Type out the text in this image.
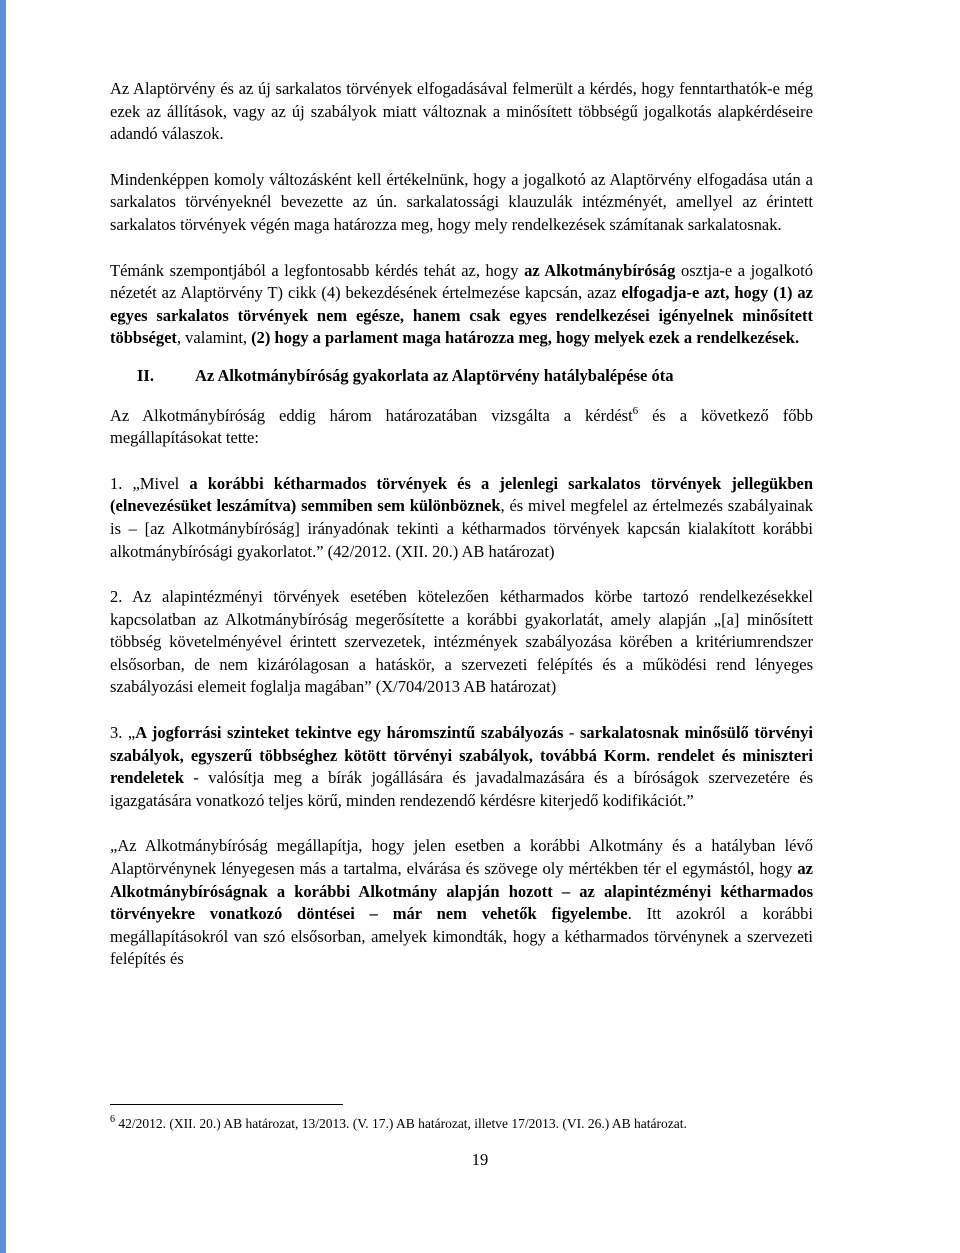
Az Alaptörvény és az új sarkalatos törvények elfogadásával felmerült a kérdés, hogy fenntarthatók-e még ezek az állítások, vagy az új szabályok miatt változnak a minősített többségű jogalkotás alapkérdéseire adandó válaszok.

Mindenképpen komoly változásként kell értékelnünk, hogy a jogalkotó az Alaptörvény elfogadása után a sarkalatos törvényeknél bevezette az ún. sarkalatossági klauzulák intézményét, amellyel az érintett sarkalatos törvények végén maga határozza meg, hogy mely rendelkezések számítanak sarkalatosnak.

Témánk szempontjából a legfontosabb kérdés tehát az, hogy az Alkotmánybíróság osztja-e a jogalkotó nézetét az Alaptörvény T) cikk (4) bekezdésének értelmezése kapcsán, azaz elfogadja-e azt, hogy (1) az egyes sarkalatos törvények nem egésze, hanem csak egyes rendelkezései igényelnek minősített többséget, valamint, (2) hogy a parlament maga határozza meg, hogy melyek ezek a rendelkezések.

II.	Az Alkotmánybíróság gyakorlata az Alaptörvény hatálybalépése óta

Az Alkotmánybíróság eddig három határozatában vizsgálta a kérdést$^6$ és a következő főbb megállapításokat tette:

1. „Mivel a korábbi kétharmados törvények és a jelenlegi sarkalatos törvények jellegükben (elnevezésüket leszámítva) semmiben sem különböznek, és mivel megfelel az értelmezés szabályainak is – [az Alkotmánybíróság] irányadónak tekinti a kétharmados törvények kapcsán kialakított korábbi alkotmánybírósági gyakorlatot.” (42/2012. (XII. 20.) AB határozat)

2. Az alapintézményi törvények esetében kötelezően kétharmados körbe tartozó rendelkezésekkel kapcsolatban az Alkotmánybíróság megerősítette a korábbi gyakorlatát, amely alapján „[a] minősített többség követelményével érintett szervezetek, intézmények szabályozása körében a kritériumrendszer elsősorban, de nem kizárólagosan a hatáskör, a szervezeti felépítés és a működési rend lényeges szabályozási elemeit foglalja magában” (X/704/2013 AB határozat)

3. „A jogforrási szinteket tekintve egy háromszintű szabályozás - sarkalatosnak minősülő törvényi szabályok, egyszerű többséghez kötött törvényi szabályok, továbbá Korm. rendelet és miniszteri rendeletek - valósítja meg a bírák jogállására és javadalmazására és a bíróságok szervezetére és igazgatására vonatkozó teljes körű, minden rendezendő kérdésre kiterjedő kodifikációt.”

„Az Alkotmánybíróság megállapítja, hogy jelen esetben a korábbi Alkotmány és a hatályban lévő Alaptörvénynek lényegesen más a tartalma, elvárása és szövege oly mértékben tér el egymástól, hogy az Alkotmánybíróságnak a korábbi Alkotmány alapján hozott – az alapintézményi kétharmados törvényekre vonatkozó döntései – már nem vehetők figyelembe. Itt azokról a korábbi megállapításokról van szó elsősorban, amelyek kimondták, hogy a kétharmados törvénynek a szervezeti felépítés és

$^6$ 42/2012. (XII. 20.) AB határozat, 13/2013. (V. 17.) AB határozat, illetve 17/2013. (VI. 26.) AB határozat.
19
